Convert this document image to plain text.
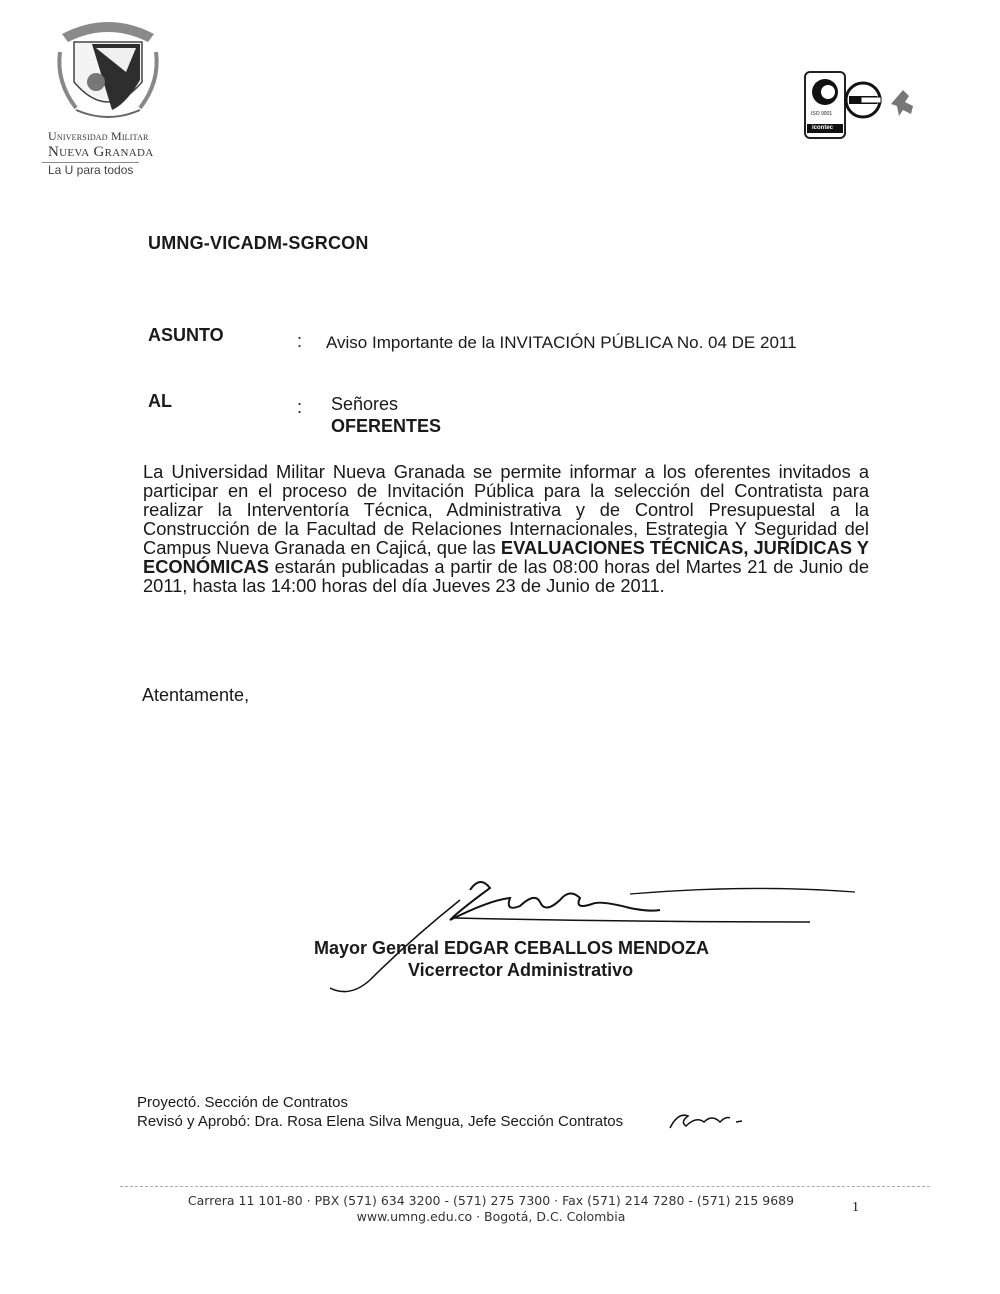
Universidad Militar
Nueva Granada
La U para todos
ISO 9001
icontec
UMNG-VICADM-SGRCON
ASUNTO	: Aviso Importante de la INVITACIÓN PÚBLICA No. 04 DE 2011
AL	: Señores
OFERENTES
La Universidad Militar Nueva Granada se permite informar a los oferentes invitados a participar en el proceso de Invitación Pública para la selección del Contratista para realizar la Interventoría Técnica, Administrativa y de Control Presupuestal a la Construcción de la Facultad de Relaciones Internacionales, Estrategia Y Seguridad del Campus Nueva Granada en Cajicá, que las EVALUACIONES TÉCNICAS, JURÍDICAS Y ECONÓMICAS estarán publicadas a partir de las 08:00 horas del Martes 21 de Junio de 2011, hasta las 14:00 horas del día Jueves 23 de Junio de 2011.
Atentamente,
Mayor General EDGAR CEBALLOS MENDOZA
Vicerrector Administrativo
Proyectó. Sección de Contratos
Revisó y Aprobó: Dra. Rosa Elena Silva Mengua, Jefe Sección Contratos
Carrera 11 101-80 · PBX (571) 634 3200 - (571) 275 7300 · Fax (571) 214 7280 - (571) 215 9689
www.umng.edu.co · Bogotá, D.C. Colombia
1
